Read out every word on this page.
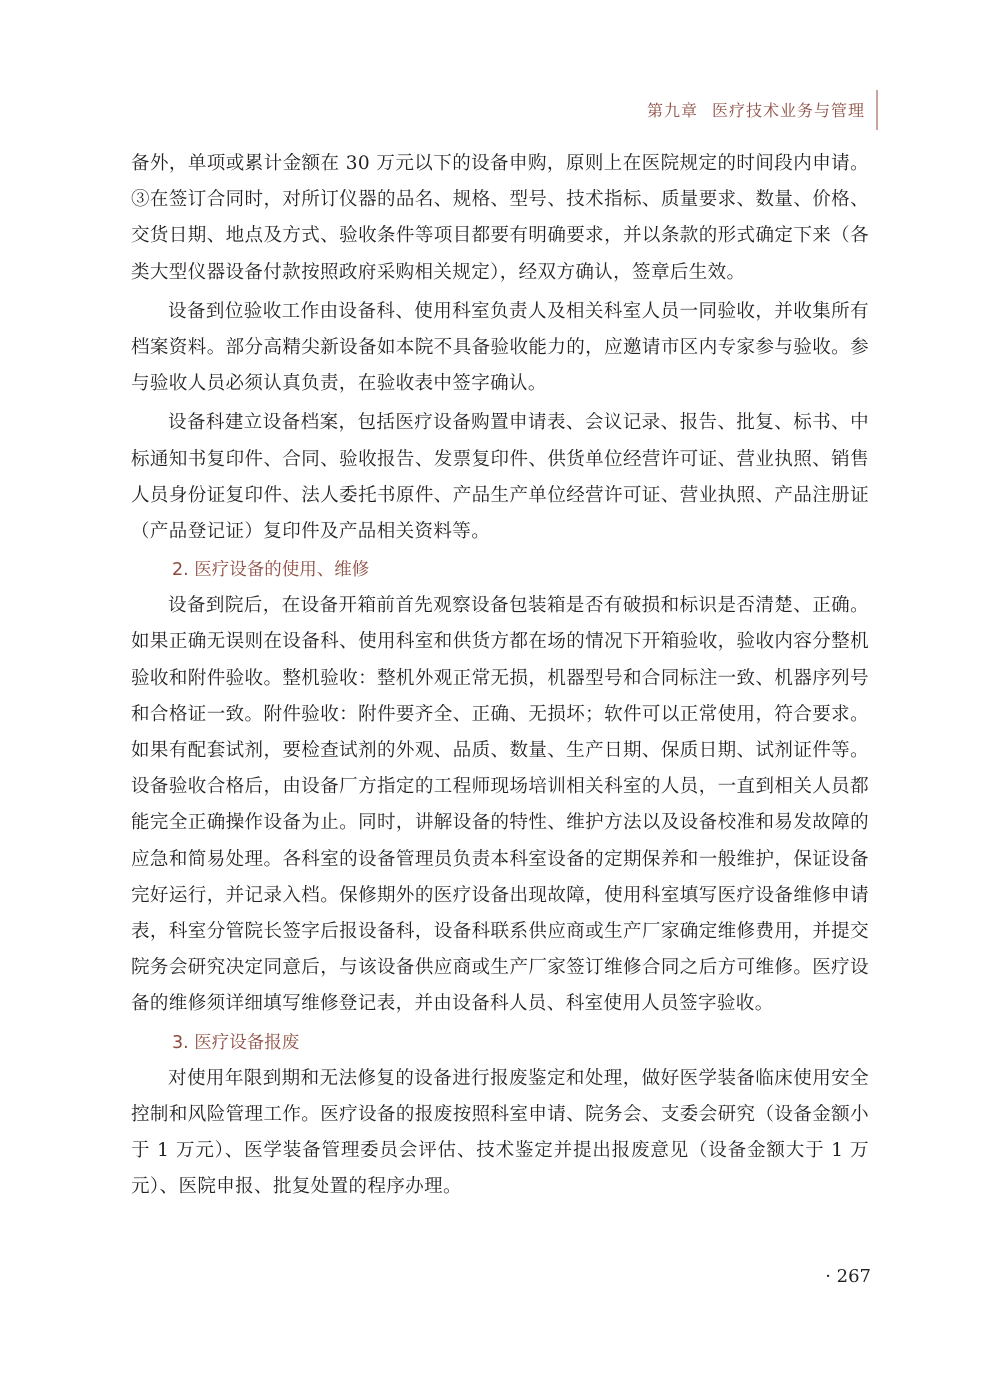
第九章 医疗技术业务与管理

备外，单项或累计金额在 30 万元以下的设备申购，原则上在医院规定的时间段内申请。③在签订合同时，对所订仪器的品名、规格、型号、技术指标、质量要求、数量、价格、交货日期、地点及方式、验收条件等项目都要有明确要求，并以条款的形式确定下来（各类大型仪器设备付款按照政府采购相关规定），经双方确认，签章后生效。

设备到位验收工作由设备科、使用科室负责人及相关科室人员一同验收，并收集所有档案资料。部分高精尖新设备如本院不具备验收能力的，应邀请市区内专家参与验收。参与验收人员必须认真负责，在验收表中签字确认。

设备科建立设备档案，包括医疗设备购置申请表、会议记录、报告、批复、标书、中标通知书复印件、合同、验收报告、发票复印件、供货单位经营许可证、营业执照、销售人员身份证复印件、法人委托书原件、产品生产单位经营许可证、营业执照、产品注册证（产品登记证）复印件及产品相关资料等。

2. 医疗设备的使用、维修

设备到院后，在设备开箱前首先观察设备包装箱是否有破损和标识是否清楚、正确。如果正确无误则在设备科、使用科室和供货方都在场的情况下开箱验收，验收内容分整机验收和附件验收。整机验收：整机外观正常无损，机器型号和合同标注一致、机器序列号和合格证一致。附件验收：附件要齐全、正确、无损坏；软件可以正常使用，符合要求。如果有配套试剂，要检查试剂的外观、品质、数量、生产日期、保质日期、试剂证件等。设备验收合格后，由设备厂方指定的工程师现场培训相关科室的人员，一直到相关人员都能完全正确操作设备为止。同时，讲解设备的特性、维护方法以及设备校准和易发故障的应急和简易处理。各科室的设备管理员负责本科室设备的定期保养和一般维护，保证设备完好运行，并记录入档。保修期外的医疗设备出现故障，使用科室填写医疗设备维修申请表，科室分管院长签字后报设备科，设备科联系供应商或生产厂家确定维修费用，并提交院务会研究决定同意后，与该设备供应商或生产厂家签订维修合同之后方可维修。医疗设备的维修须详细填写维修登记表，并由设备科人员、科室使用人员签字验收。

3. 医疗设备报废

对使用年限到期和无法修复的设备进行报废鉴定和处理，做好医学装备临床使用安全控制和风险管理工作。医疗设备的报废按照科室申请、院务会、支委会研究（设备金额小于 1 万元）、医学装备管理委员会评估、技术鉴定并提出报废意见（设备金额大于 1 万元）、医院申报、批复处置的程序办理。

· 267
